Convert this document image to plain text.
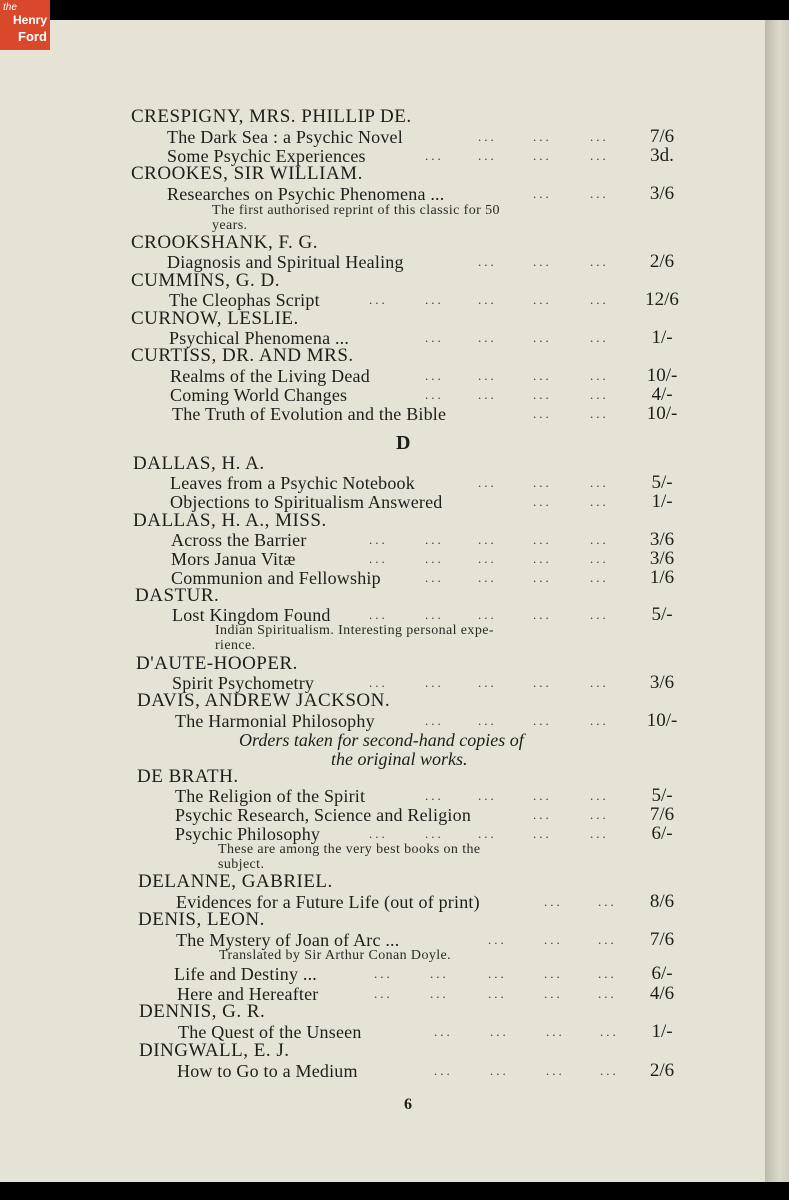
the
Henry
Ford
CRESPIGNY, MRS. PHILLIP DE.
The Dark Sea : a Psychic Novel	...	...	...	7/6
Some Psychic Experiences	...	...	...	...	3d.
CROOKES, SIR WILLIAM.
Researches on Psychic Phenomena ...	...	...	3/6
The first authorised reprint of this classic for 50
years.
CROOKSHANK, F. G.
Diagnosis and Spiritual Healing	...	...	...	2/6
CUMMINS, G. D.
The Cleophas Script	...	...	...	...	...	12/6
CURNOW, LESLIE.
Psychical Phenomena ...	...	...	...	...	1/-
CURTISS, DR. AND MRS.
Realms of the Living Dead	...	...	...	...	10/-
Coming World Changes	...	...	...	...	4/-
The Truth of Evolution and the Bible	...	...	10/-
D
DALLAS, H. A.
Leaves from a Psychic Notebook	...	...	...	5/-
Objections to Spiritualism Answered	...	...	1/-
DALLAS, H. A., MISS.
Across the Barrier	...	...	...	...	...	3/6
Mors Janua Vitæ	...	...	...	...	...	3/6
Communion and Fellowship	...	...	...	...	1/6
DASTUR.
Lost Kingdom Found	...	...	...	...	...	5/-
Indian Spiritualism. Interesting personal expe-
rience.
D'AUTE-HOOPER.
Spirit Psychometry	...	...	...	...	...	3/6
DAVIS, ANDREW JACKSON.
The Harmonial Philosophy	...	...	...	...	10/-
Orders taken for second-hand copies of
the original works.
DE BRATH.
The Religion of the Spirit	...	...	...	...	5/-
Psychic Research, Science and Religion	...	...	7/6
Psychic Philosophy	...	...	...	...	...	6/-
These are among the very best books on the
subject.
DELANNE, GABRIEL.
Evidences for a Future Life (out of print)	...	...	8/6
DENIS, LEON.
The Mystery of Joan of Arc ...	...	...	...	7/6
Translated by Sir Arthur Conan Doyle.
Life and Destiny ...	...	...	...	...	...	6/-
Here and Hereafter	...	...	...	...	...	4/6
DENNIS, G. R.
The Quest of the Unseen	...	...	...	...	1/-
DINGWALL, E. J.
How to Go to a Medium	...	...	...	...	2/6
6
